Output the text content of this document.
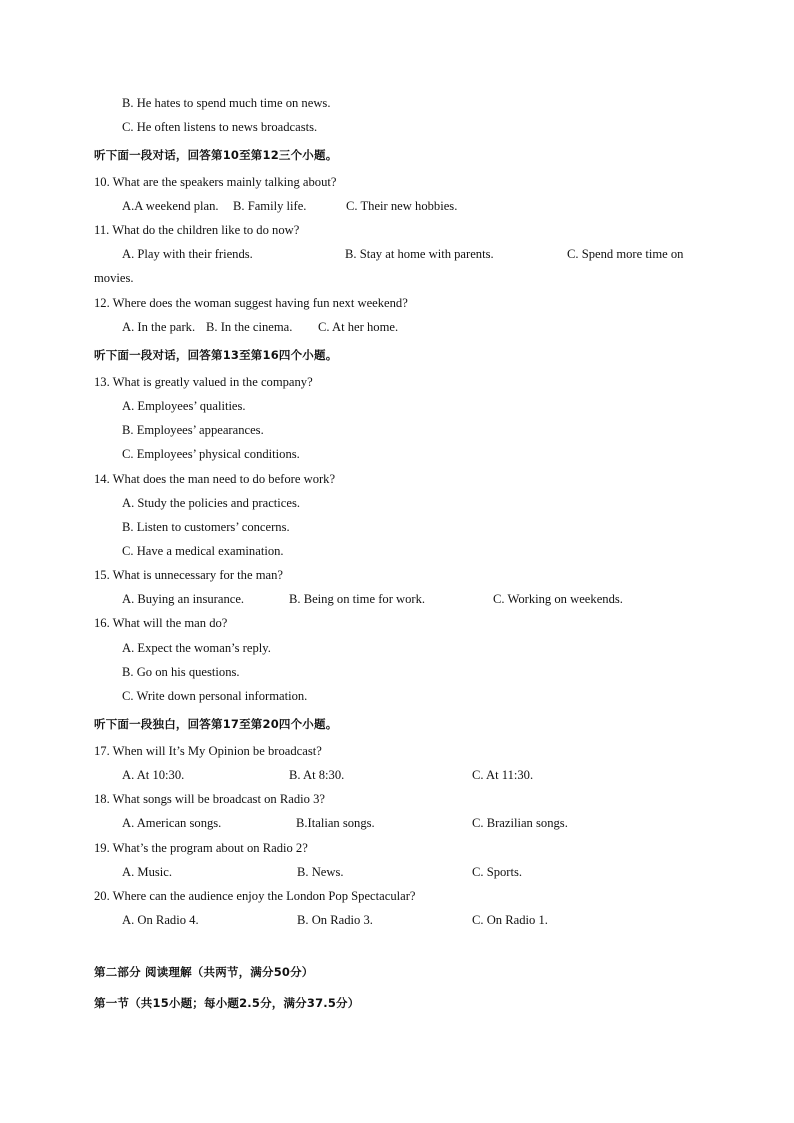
B. He hates to spend much time on news.
C. He often listens to news broadcasts.
听下面一段对话，回答第10至第12三个小题。
10. What are the speakers mainly talking about?
A.A weekend plan. B. Family life.	C. Their new hobbies.
11. What do the children like to do now?
A. Play with their friends.	B. Stay at home with parents.	C. Spend more time on
movies.
12. Where does the woman suggest having fun next weekend?
A. In the park. B. In the cinema. C. At her home.
听下面一段对话，回答第13至第16四个小题。
13. What is greatly valued in the company?
A. Employees’ qualities.
B. Employees’ appearances.
C. Employees’ physical conditions.
14. What does the man need to do before work?
A. Study the policies and practices.
B. Listen to customers’ concerns.
C. Have a medical examination.
15. What is unnecessary for the man?
A. Buying an insurance.	B. Being on time for work.	C. Working on weekends.
16. What will the man do?
A. Expect the woman’s reply.
B. Go on his questions.
C. Write down personal information.
听下面一段独白，回答第17至第20四个小题。
17. When will It’s My Opinion be broadcast?
A. At 10:30.	B. At 8:30.	C. At 11:30.
18. What songs will be broadcast on Radio 3?
A. American songs.	B.Italian songs.	C. Brazilian songs.
19. What’s the program about on Radio 2?
A. Music.	B. News.	C. Sports.
20. Where can the audience enjoy the London Pop Spectacular?
A. On Radio 4.	B. On Radio 3.	C. On Radio 1.
第二部分 阅读理解（共两节，满分50分）
第一节（共15小题；每小题2.5分，满分37.5分）
